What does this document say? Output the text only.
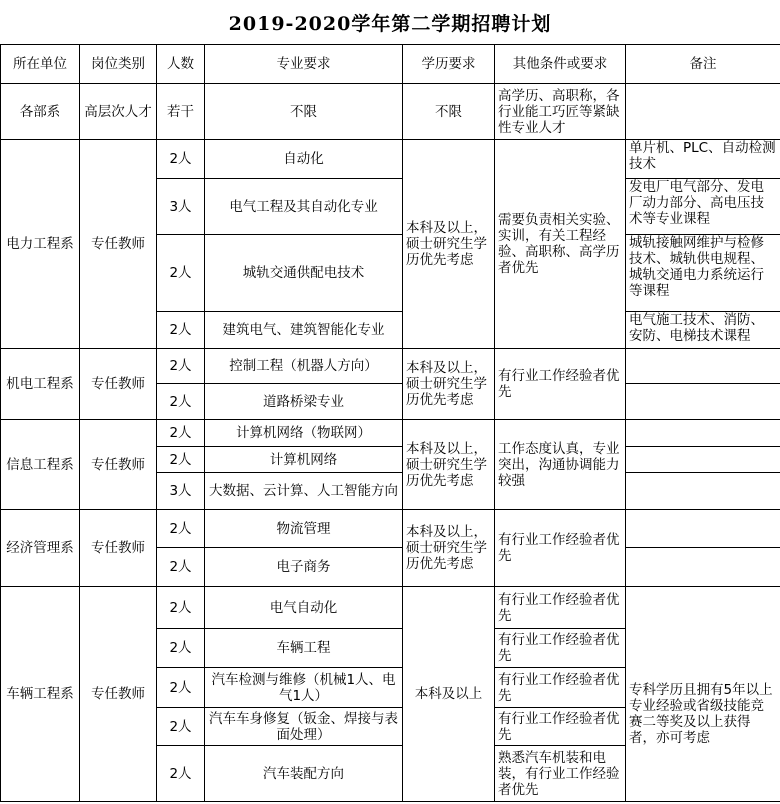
2019-2020学年第二学期招聘计划
所在单位	岗位类别	人数	专业要求	学历要求	其他条件或要求	备注
各部系	高层次人才	若干	不限	不限	高学历、高职称，各行业能工巧匠等紧缺性专业人才	
电力工程系	专任教师	2人	自动化	本科及以上，硕士研究生学历优先考虑	需要负责相关实验、实训，有关工程经验、高职称、高学历者优先	单片机、PLC、自动检测技术
		3人	电气工程及其自动化专业			发电厂电气部分、发电厂动力部分、高电压技术等专业课程
		2人	城轨交通供配电技术			城轨接触网维护与检修技术、城轨供电规程、城轨交通电力系统运行等课程
		2人	建筑电气、建筑智能化专业			电气施工技术、消防、安防、电梯技术课程
机电工程系	专任教师	2人	控制工程（机器人方向）	本科及以上，硕士研究生学历优先考虑	有行业工作经验者优先	
		2人	道路桥梁专业			
信息工程系	专任教师	2人	计算机网络（物联网）	本科及以上，硕士研究生学历优先考虑	工作态度认真，专业突出，沟通协调能力较强	
		2人	计算机网络			
		3人	大数据、云计算、人工智能方向			
经济管理系	专任教师	2人	物流管理	本科及以上，硕士研究生学历优先考虑	有行业工作经验者优先	
		2人	电子商务			
车辆工程系	专任教师	2人	电气自动化	本科及以上	有行业工作经验者优先	专科学历且拥有5年以上专业经验或省级技能竞赛二等奖及以上获得者，亦可考虑
		2人	车辆工程		有行业工作经验者优先	
		2人	汽车检测与维修（机械1人、电气1人）		有行业工作经验者优先	
		2人	汽车车身修复（钣金、焊接与表面处理）		有行业工作经验者优先	
		2人	汽车装配方向		熟悉汽车机装和电装，有行业工作经验者优先	
